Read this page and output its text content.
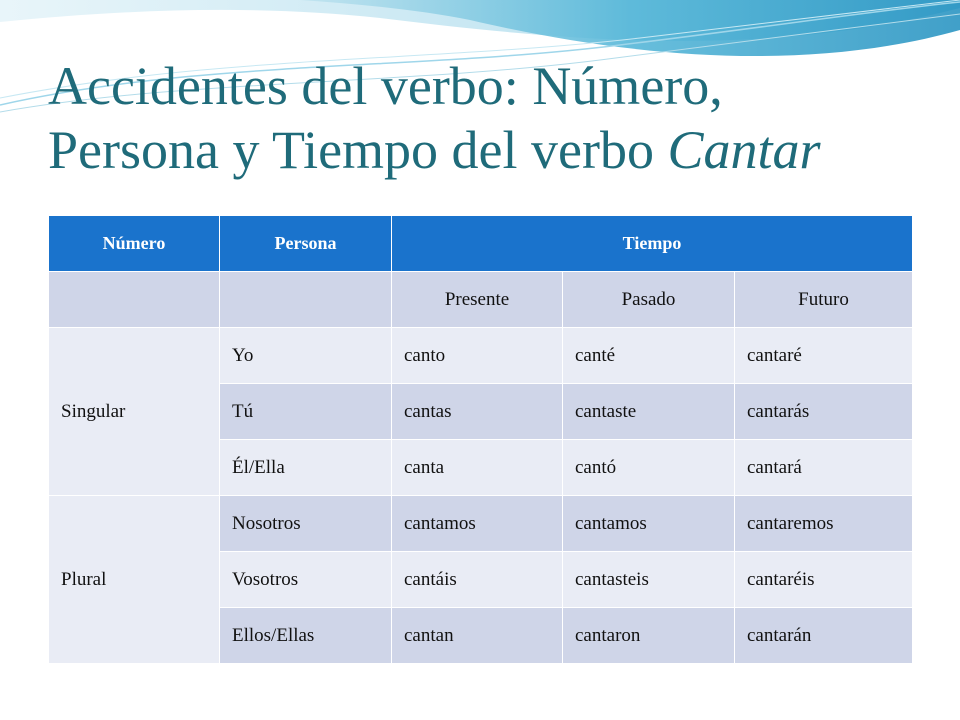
Accidentes del verbo: Número,
Persona y Tiempo del verbo Cantar
Número	Persona	Tiempo		
		Presente	Pasado	Futuro
Singular	Yo	canto	canté	cantaré
	Tú	cantas	cantaste	cantarás
	Él/Ella	canta	cantó	cantará
Plural	Nosotros	cantamos	cantamos	cantaremos
	Vosotros	cantáis	cantasteis	cantaréis
	Ellos/Ellas	cantan	cantaron	cantarán
